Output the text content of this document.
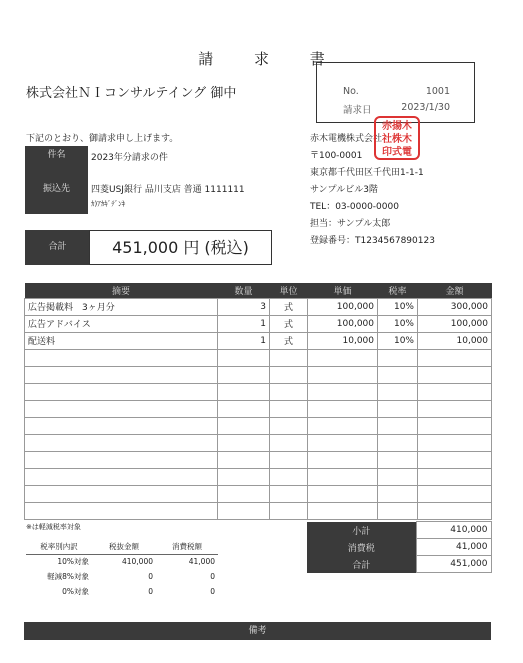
請 求 書
株式会社ＮＩコンサルテイング 御中	No.	1001
請求日	2023/1/30
下記のとおり、御請求申し上げます。
件名	2023年分請求の件
振込先	四菱USJ銀行 品川支店 普通 1111111
ｶ)ｱｶｷﾞﾃﾞﾝｷ
合計	451,000 円 (税込)
赤木電機株式会社
〒100-0001
東京都千代田区千代田1-1-1
サンプルビル3階
TEL：03-0000-0000
担当：サンプル太郎
登録番号：T1234567890123
赤揚木
社株木
印式電
摘要	数量	単位	単価	税率	金額
広告掲載料　3ヶ月分	3	式	100,000	10%	300,000
広告アドバイス	1	式	100,000	10%	100,000
配送料	1	式	10,000	10%	10,000

※は軽減税率対象
税率別内訳	税抜金額	消費税額
10%対象	410,000	41,000
軽減8%対象	0	0
0%対象	0	0
小計	410,000
消費税	41,000
合計	451,000
備考
